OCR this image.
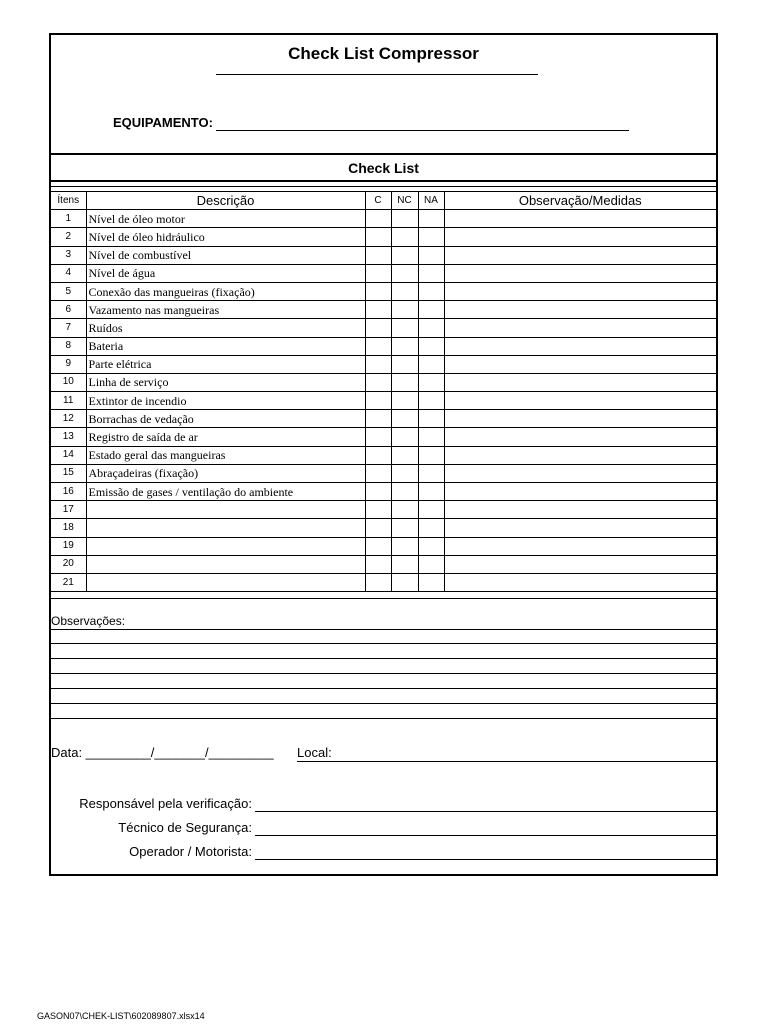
Check List Compressor
EQUIPAMENTO:
Check List
Ítens	Descrição	C	NC	NA	Observação/Medidas
1	Nível de óleo motor				
2	Nível de óleo hidráulico				
3	Nível de combustível				
4	Nível de água				
5	Conexão das mangueiras (fixação)				
6	Vazamento nas mangueiras				
7	Ruídos				
8	Bateria				
9	Parte elétrica				
10	Linha de serviço				
11	Extintor de incendio				
12	Borrachas de vedação				
13	Registro de saída de ar				
14	Estado geral das mangueiras				
15	Abraçadeiras (fixação)				
16	Emissão de gases / ventilação do ambiente				
17					
18					
19					
20					
21					
Observações:
Data: _________/_______/_________ Local:
Responsável pela verificação:
Técnico de Segurança:
Operador / Motorista:
GASON07\CHEK-LIST\602089807.xlsx14
